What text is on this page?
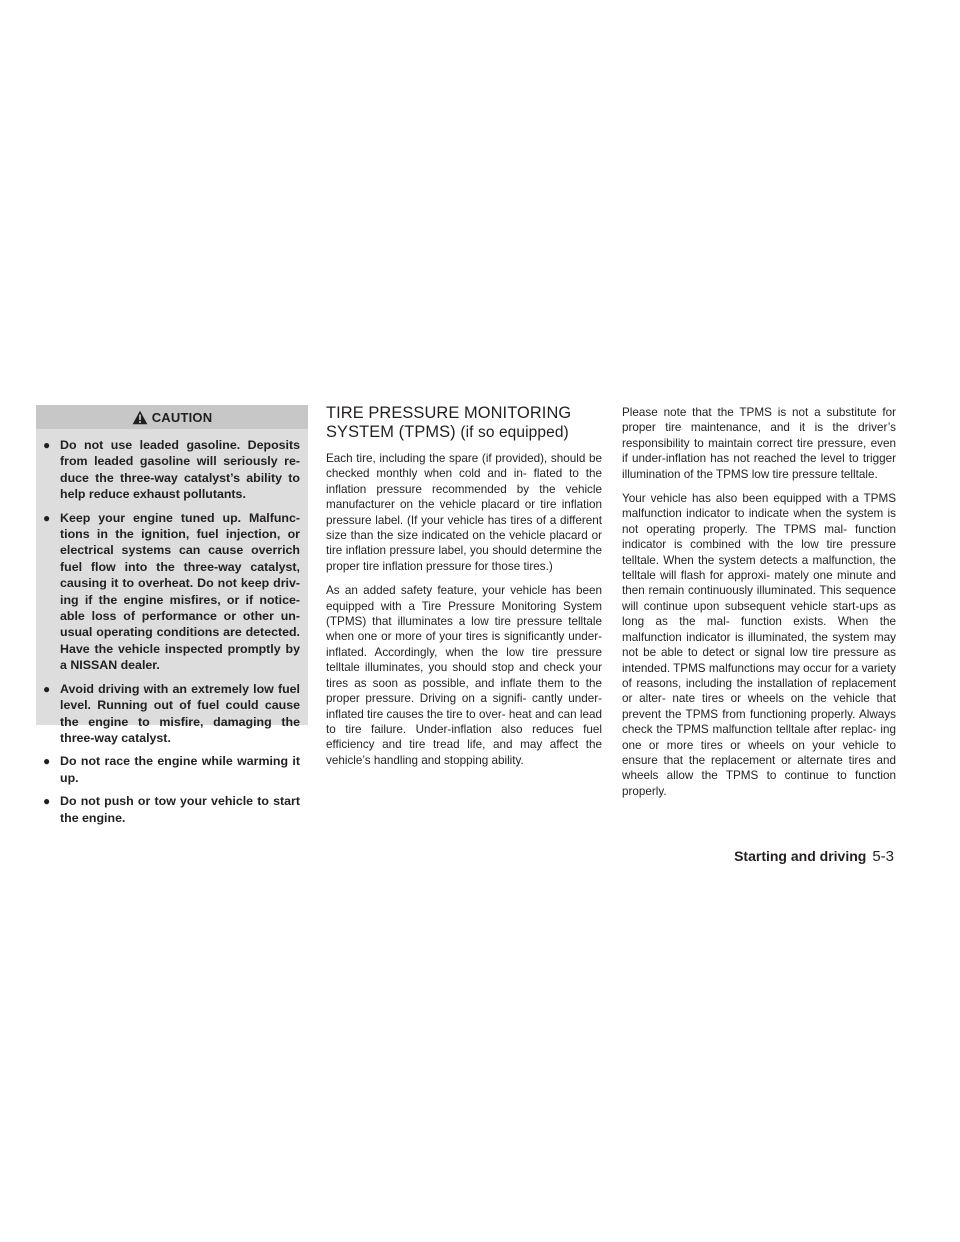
CAUTION
● Do not use leaded gasoline. Deposits from leaded gasoline will seriously re- duce the three-way catalyst’s ability to help reduce exhaust pollutants.
● Keep your engine tuned up. Malfunc- tions in the ignition, fuel injection, or electrical systems can cause overrich fuel flow into the three-way catalyst, causing it to overheat. Do not keep driv- ing if the engine misfires, or if notice- able loss of performance or other un- usual operating conditions are detected. Have the vehicle inspected promptly by a NISSAN dealer.
● Avoid driving with an extremely low fuel level. Running out of fuel could cause the engine to misfire, damaging the three-way catalyst.
● Do not race the engine while warming it up.
● Do not push or tow your vehicle to start the engine.
TIRE PRESSURE MONITORING
SYSTEM (TPMS) (if so equipped)

Each tire, including the spare (if provided), should be checked monthly when cold and in- flated to the inflation pressure recommended by the vehicle manufacturer on the vehicle placard or tire inflation pressure label. (If your vehicle has tires of a different size than the size indicated on the vehicle placard or tire inflation pressure label, you should determine the proper tire inflation pressure for those tires.)

As an added safety feature, your vehicle has been equipped with a Tire Pressure Monitoring System (TPMS) that illuminates a low tire pressure telltale when one or more of your tires is significantly under-inflated. Accordingly, when the low tire pressure telltale illuminates, you should stop and check your tires as soon as possible, and inflate them to the proper pressure. Driving on a signifi- cantly under-inflated tire causes the tire to over- heat and can lead to tire failure. Under-inflation also reduces fuel efficiency and tire tread life, and may affect the vehicle’s handling and stopping ability.

Please note that the TPMS is not a substitute for proper tire maintenance, and it is the driver’s responsibility to maintain correct tire pressure, even if under-inflation has not reached the level to trigger illumination of the TPMS low tire pressure telltale.

Your vehicle has also been equipped with a TPMS malfunction indicator to indicate when the system is not operating properly. The TPMS mal- function indicator is combined with the low tire pressure telltale. When the system detects a malfunction, the telltale will flash for approxi- mately one minute and then remain continuously illuminated. This sequence will continue upon subsequent vehicle start-ups as long as the mal- function exists. When the malfunction indicator is illuminated, the system may not be able to detect or signal low tire pressure as intended. TPMS malfunctions may occur for a variety of reasons, including the installation of replacement or alter- nate tires or wheels on the vehicle that prevent the TPMS from functioning properly. Always check the TPMS malfunction telltale after replac- ing one or more tires or wheels on your vehicle to ensure that the replacement or alternate tires and wheels allow the TPMS to continue to function properly.

Starting and driving 5-3
